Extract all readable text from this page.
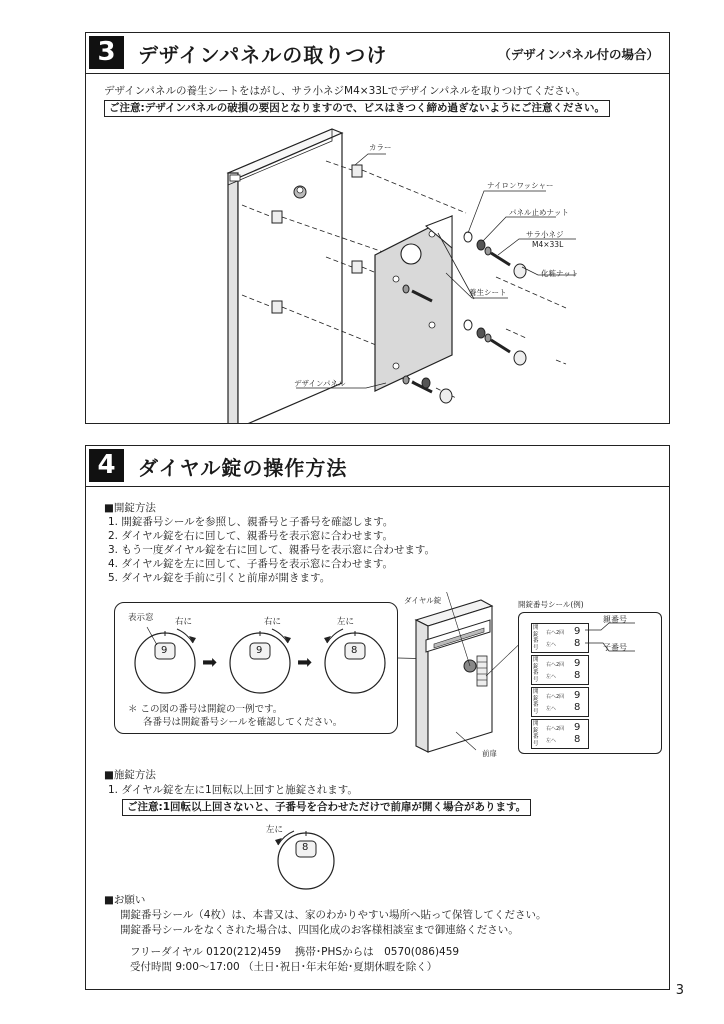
3	デザインパネルの取りつけ	（デザインパネル付の場合）
デザインパネルの養生シートをはがし、サラ小ネジM4×33Lでデザインパネルを取りつけてください。
ご注意:デザインパネルの破損の要因となりますので、ビスはきつく締め過ぎないようにご注意ください。
カラー
ナイロンワッシャー
パネル止めナット
サラ小ネジ
M4×33L
化粧ナット
養生シート
デザインパネル
4	ダイヤル錠の操作方法
■開錠方法
1. 開錠番号シールを参照し、親番号と子番号を確認します。
2. ダイヤル錠を右に回して、親番号を表示窓に合わせます。
3. もう一度ダイヤル錠を右に回して、親番号を表示窓に合わせます。
4. ダイヤル錠を左に回して、子番号を表示窓に合わせます。
5. ダイヤル錠を手前に引くと前扉が開きます。
表示窓	右に	右に	左に
9	9	8
➡	➡
＊ この図の番号は開錠の一例です。
各番号は開錠番号シールを確認してください。
ダイヤル錠	開錠番号シール(例)
前扉
開錠番号
右へ2回 9
左へ 8
開錠番号
右へ2回 9
左へ 8
開錠番号
右へ2回 9
左へ 8
開錠番号
右へ2回 9
左へ 8
親番号
子番号
■施錠方法
1. ダイヤル錠を左に1回転以上回すと施錠されます。
ご注意:1回転以上回さないと、子番号を合わせただけで前扉が開く場合があります。
左に
8
■お願い
開錠番号シール（4枚）は、本書又は、家のわかりやすい場所へ貼って保管してください。
開錠番号シールをなくされた場合は、四国化成のお客様相談室まで御連絡ください。
フリーダイヤル 0120(212)459　 携帯･PHSからは　0570(086)459
受付時間 9:00〜17:00 （土日･祝日･年末年始･夏期休暇を除く）
3
